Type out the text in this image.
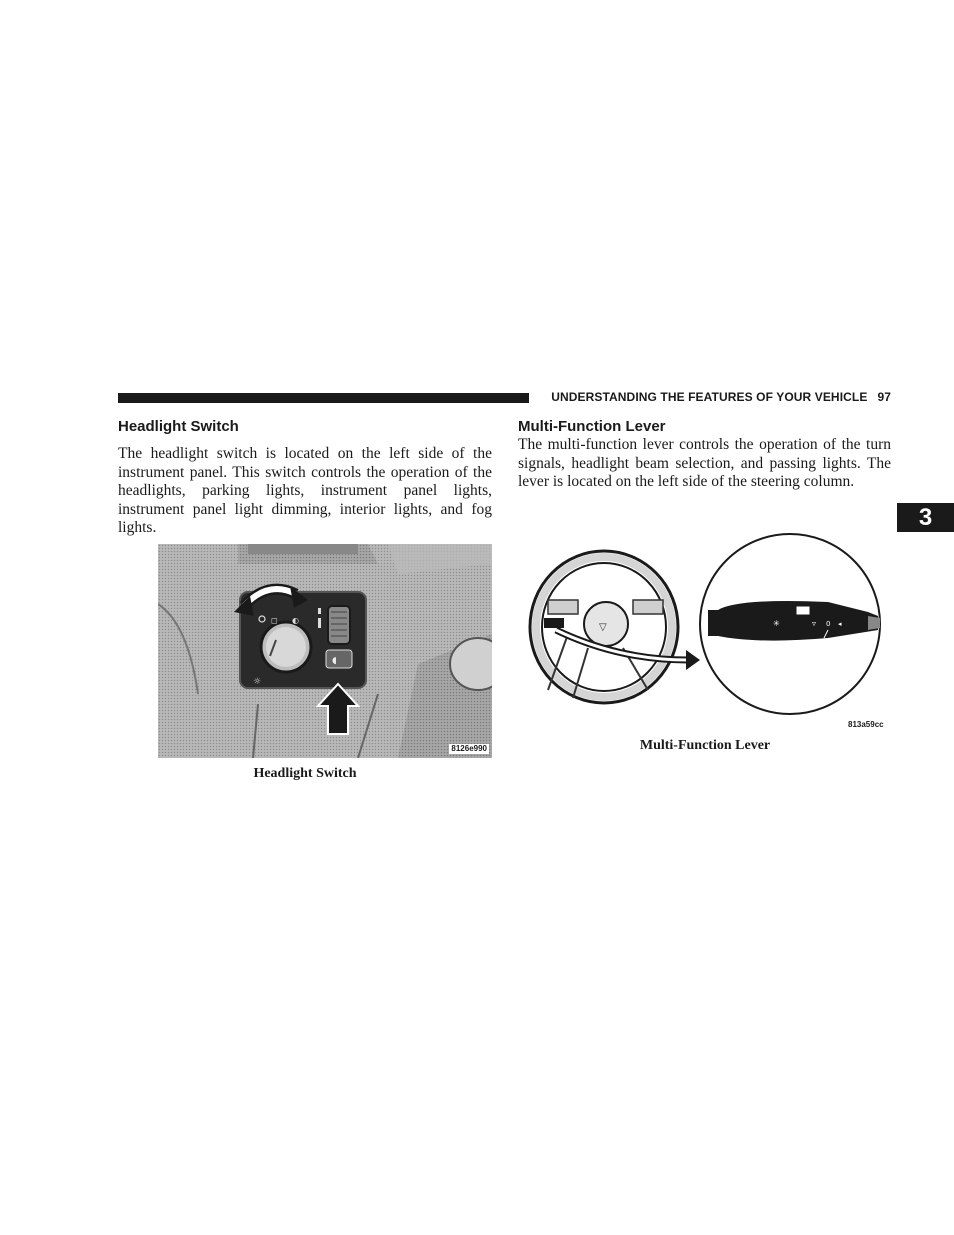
UNDERSTANDING THE FEATURES OF YOUR VEHICLE 97
3
Headlight Switch

The headlight switch is located on the left side of the instrument panel. This switch controls the operation of the headlights, parking lights, instrument panel lights, instrument panel light dimming, interior lights, and fog lights.

◻ ◐
☼
◖
8126e990
Headlight Switch
Multi-Function Lever

The multi-function lever controls the operation of the turn signals, headlight beam selection, and passing lights. The lever is located on the left side of the steering column.

▽	✳	▿ 0 ◂
813a59cc
Multi-Function Lever
